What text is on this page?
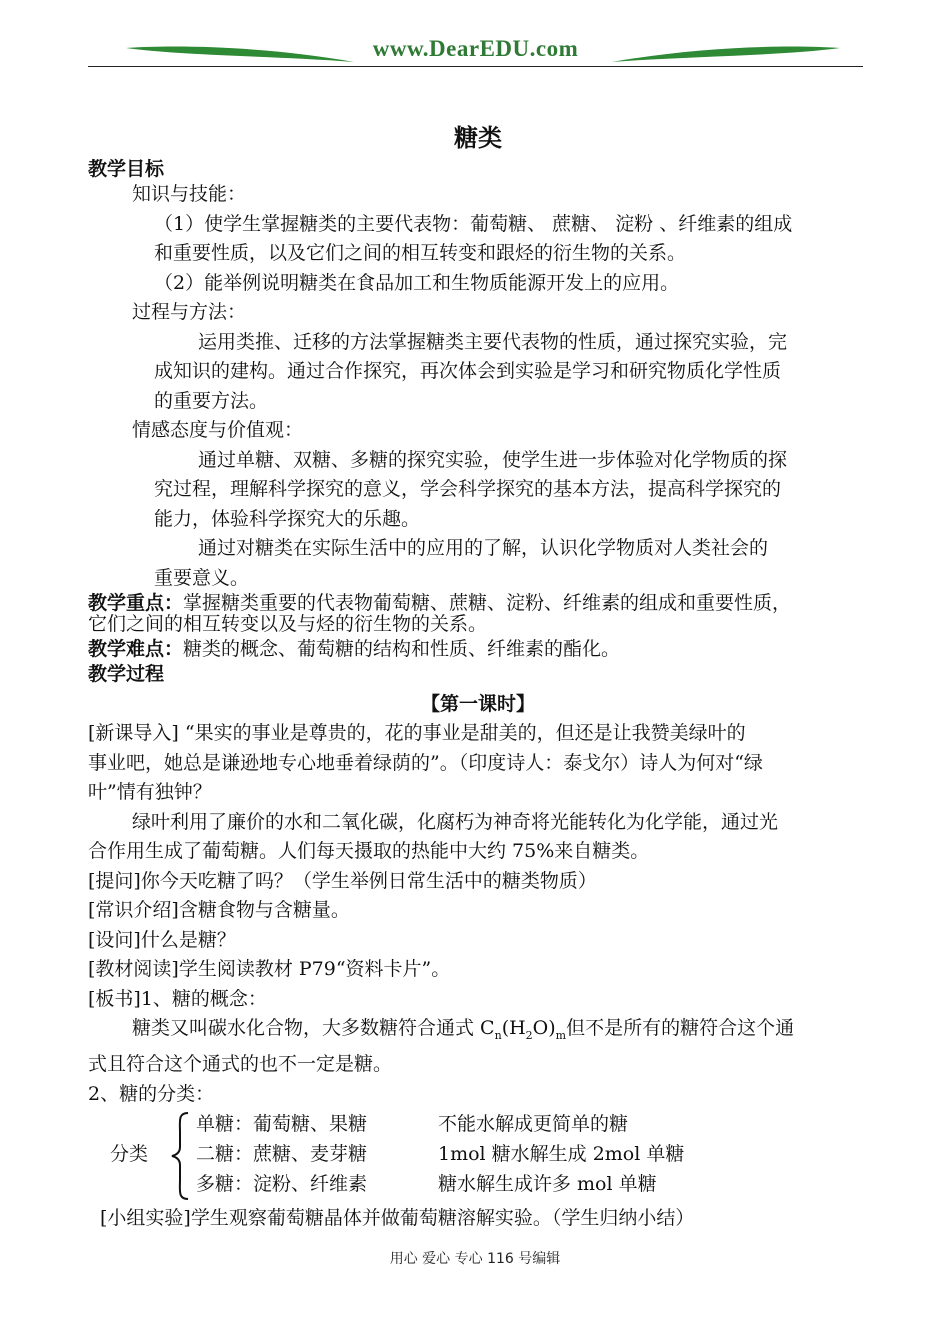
www.DearEDU.com
糖类
教学目标
知识与技能：
（1）使学生掌握糖类的主要代表物：葡萄糖、 蔗糖、 淀粉 、纤维素的组成
和重要性质，以及它们之间的相互转变和跟烃的衍生物的关系。
（2）能举例说明糖类在食品加工和生物质能源开发上的应用。
过程与方法：
运用类推、迁移的方法掌握糖类主要代表物的性质，通过探究实验，完
成知识的建构。通过合作探究，再次体会到实验是学习和研究物质化学性质
的重要方法。
情感态度与价值观：
通过单糖、双糖、多糖的探究实验，使学生进一步体验对化学物质的探
究过程，理解科学探究的意义，学会科学探究的基本方法，提高科学探究的
能力，体验科学探究大的乐趣。
通过对糖类在实际生活中的应用的了解，认识化学物质对人类社会的
重要意义。
教学重点：掌握糖类重要的代表物葡萄糖、蔗糖、淀粉、纤维素的组成和重要性质，
它们之间的相互转变以及与烃的衍生物的关系。
教学难点：糖类的概念、葡萄糖的结构和性质、纤维素的酯化。
教学过程
【第一课时】
[新课导入] “果实的事业是尊贵的，花的事业是甜美的，但还是让我赞美绿叶的
事业吧，她总是谦逊地专心地垂着绿荫的”。（印度诗人：泰戈尔）诗人为何对“绿
叶”情有独钟？
绿叶利用了廉价的水和二氧化碳，化腐朽为神奇将光能转化为化学能，通过光
合作用生成了葡萄糖。人们每天摄取的热能中大约 75%来自糖类。
[提问]你今天吃糖了吗？（学生举例日常生活中的糖类物质）
[常识介绍]含糖食物与含糖量。
[设问]什么是糖？
[教材阅读]学生阅读教材 P79“资料卡片”。
[板书]1、糖的概念：
糖类又叫碳水化合物，大多数糖符合通式 $C_n(H_2O)_m$但不是所有的糖符合这个通
式且符合这个通式的也不一定是糖。
2、糖的分类：
分类
单糖：葡萄糖、果糖	不能水解成更简单的糖
二糖：蔗糖、麦芽糖	1mol 糖水解生成 2mol 单糖
多糖：淀粉、纤维素	糖水解生成许多 mol 单糖
[小组实验]学生观察葡萄糖晶体并做葡萄糖溶解实验。（学生归纳小结）
用心 爱心 专心 116 号编辑
